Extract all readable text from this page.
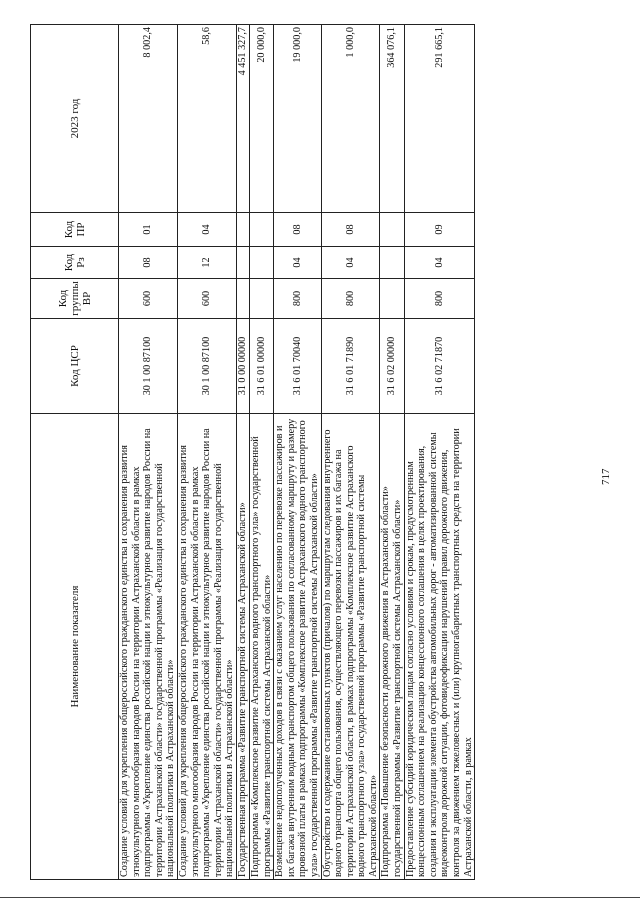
717
Наименование показателя	Код ЦСР	Код группы ВР	Код Рз	Код ПР	2023 год
Создание условий для укрепления общероссийского гражданского единства и сохранения развития этнокультурного многообразия народов России на территории Астраханской области в рамках подпрограммы «Укрепление единства российской нации и этнокультурное развитие народов России на территории Астраханской области» государственной программы «Реализация государственной национальной политики в Астраханской области»	30 1 00 87100	600	08	01	8 002,4
Создание условий для укрепления общероссийского гражданского единства и сохранения развития этнокультурного многообразия народов России на территории Астраханской области в рамках подпрограммы «Укрепление единства российской нации и этнокультурное развитие народов России на территории Астраханской области» государственной программы «Реализация государственной национальной политики в Астраханской области»	30 1 00 87100	600	12	04	58,6
Государственная программа «Развитие транспортной системы Астраханской области»	31 0 00 00000				4 451 327,7
Подпрограмма «Комплексное развитие Астраханского водного транспортного узла» государственной программы «Развитие транспортной системы Астраханской области»	31 6 01 00000				20 000,0
Возмещение недополученных доходов в связи с оказанием услуг населению по перевозке пассажиров и их багажа внутренним водным транспортом общего пользования по согласованному маршруту и размеру провозной платы в рамках подпрограммы «Комплексное развитие Астраханского водного транспортного узла» государственной программы «Развитие транспортной системы Астраханской области»	31 6 01 70040	800	04	08	19 000,0
Обустройство и содержание остановочных пунктов (причалов) по маршрутам следования внутреннего водного транспорта общего пользования, осуществляющего перевозки пассажиров и их багажа на территории Астраханской области, в рамках подпрограммы «Комплексное развитие Астраханского водного транспортного узла» государственной программы «Развитие транспортной системы Астраханской области»	31 6 01 71890	800	04	08	1 000,0
Подпрограмма «Повышение безопасности дорожного движения в Астраханской области» государственной программы «Развитие транспортной системы Астраханской области»	31 6 02 00000				364 076,1
Предоставление субсидий юридическим лицам согласно условиям и срокам, предусмотренным концессионным соглашением на реализацию концессионного соглашения в целях проектирования, создания и эксплуатации элемента обустройства автомобильных дорог - автоматизированной системы видеоконтроля дорожной ситуации, фотовидеофиксации нарушений правил дорожного движения, контроля за движением тяжеловесных и (или) крупногабаритных транспортных средств на территории Астраханской области, в рамках	31 6 02 71870	800	04	09	291 665,1
